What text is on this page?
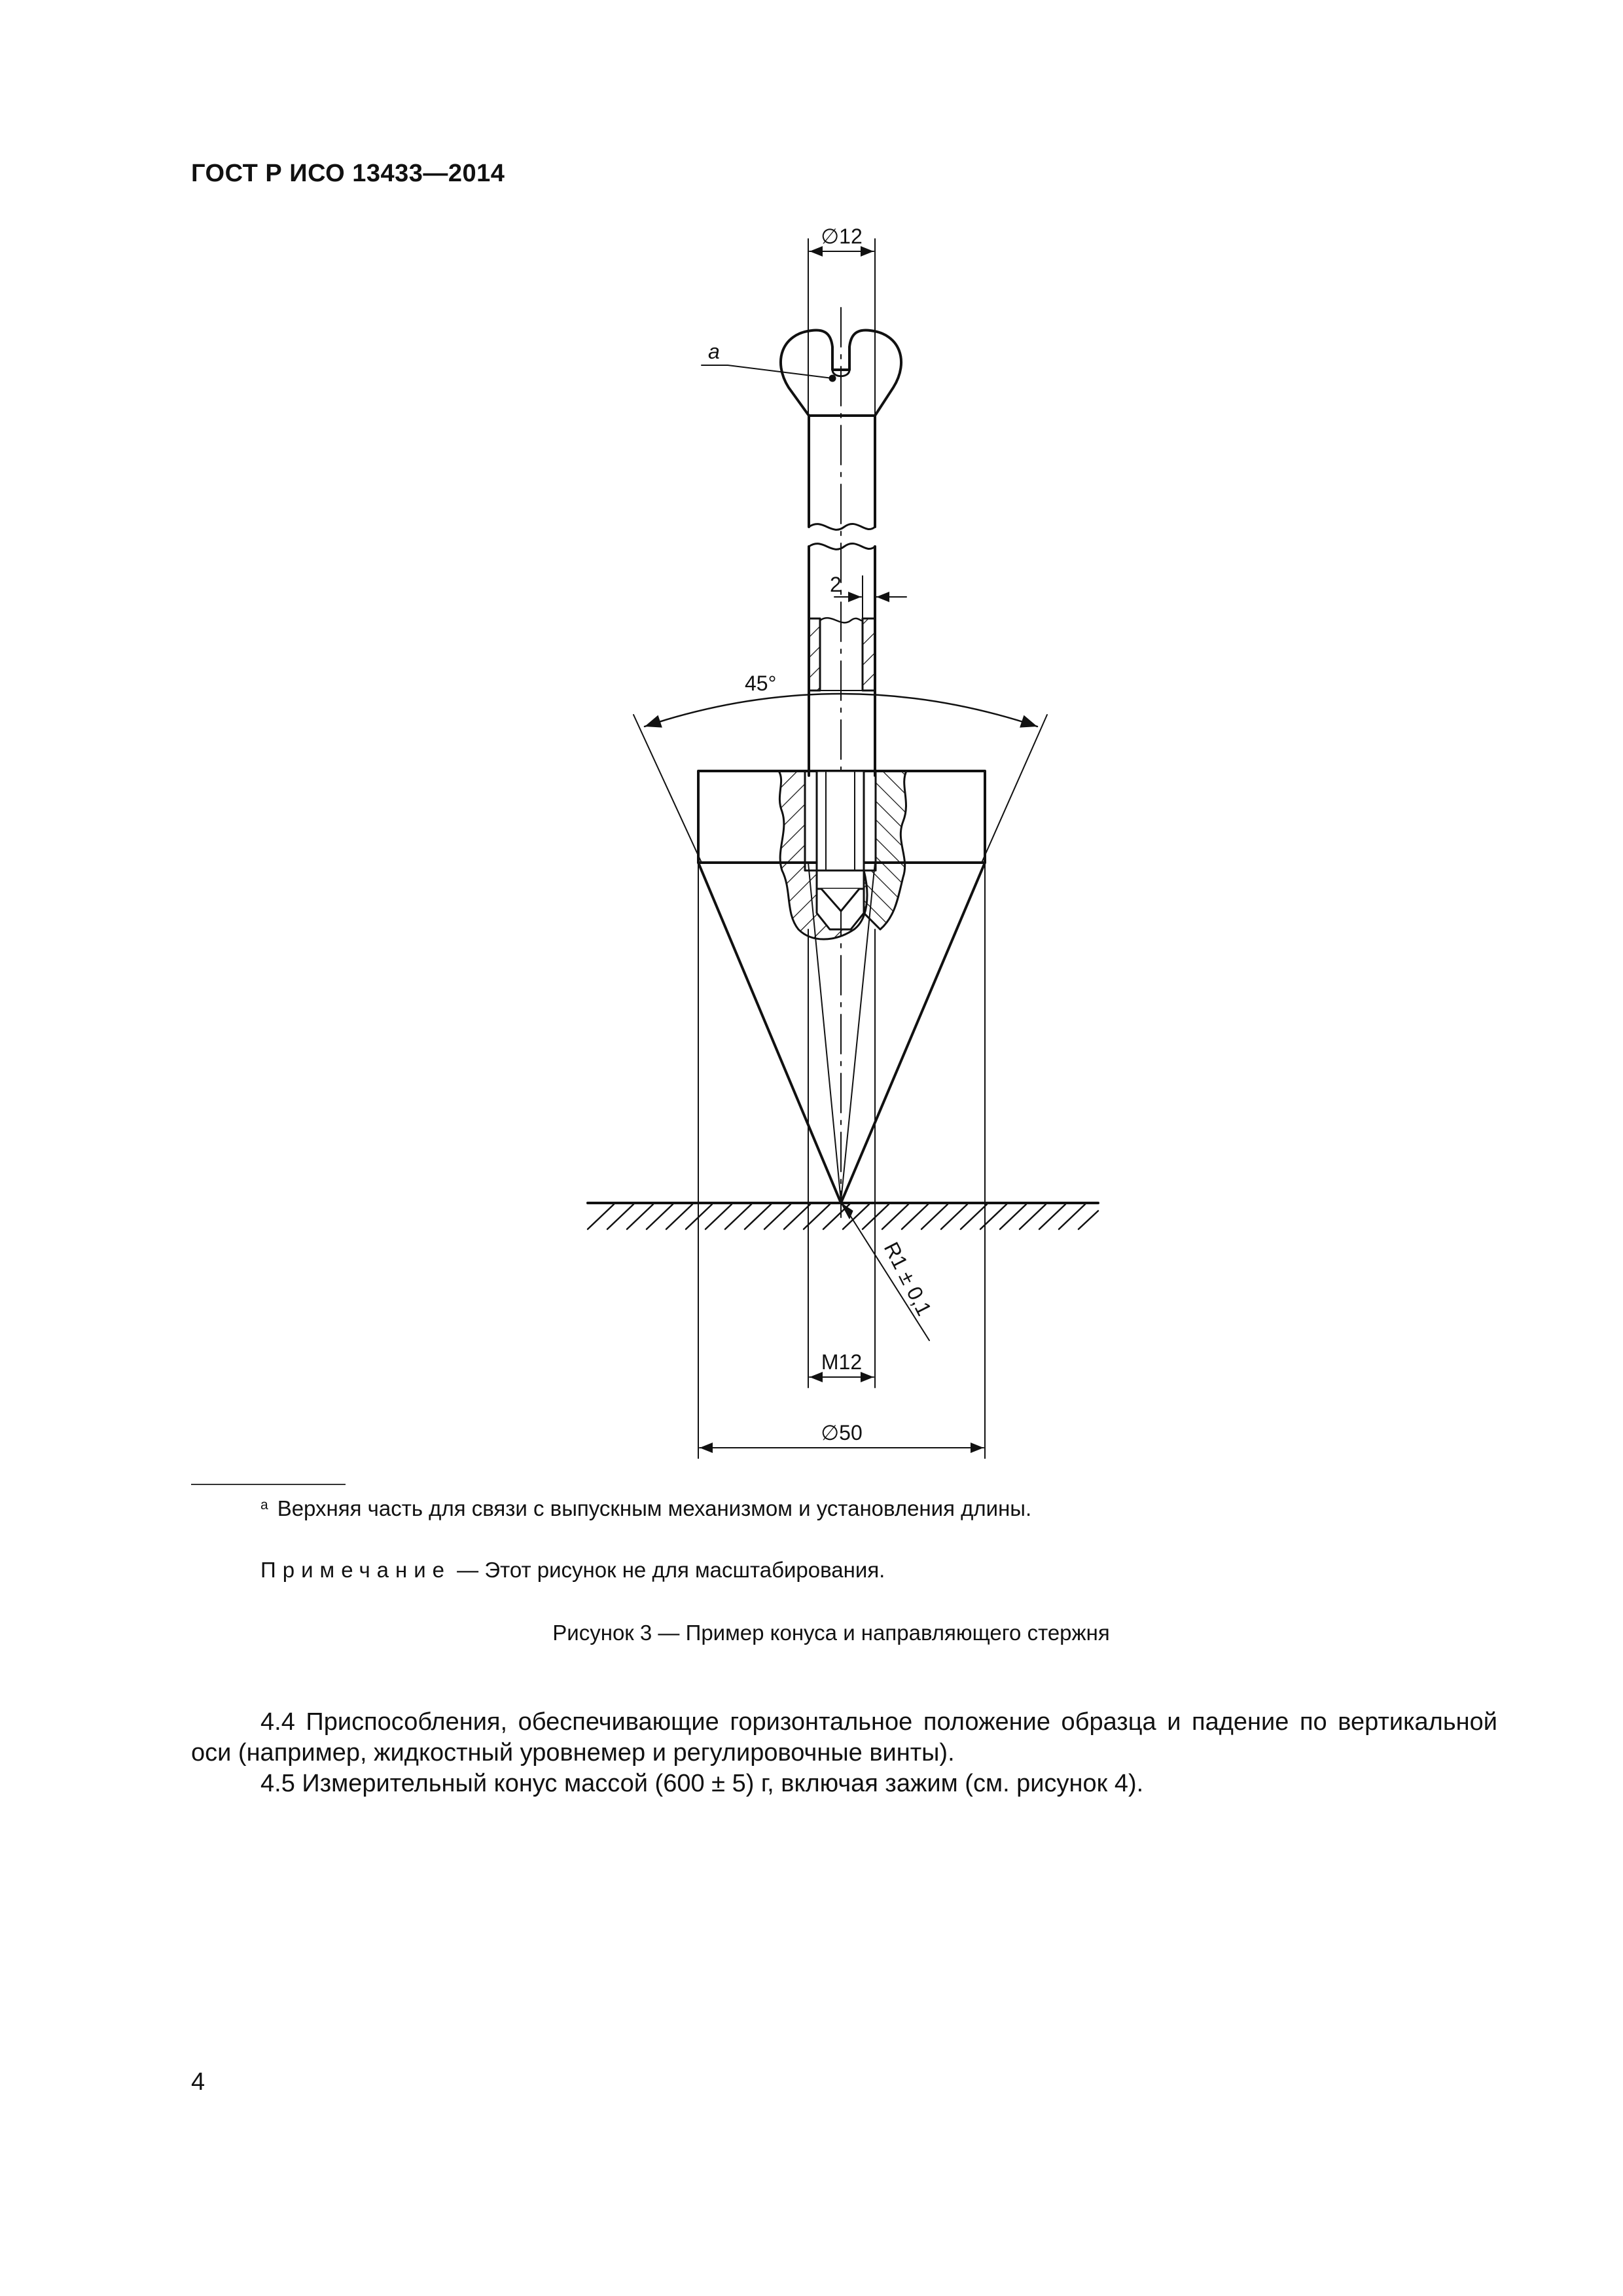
ГОСТ Р ИСО 13433—2014
∅12
a
2
45°
R1 ± 0,1
M12
∅50
$^a$ Верхняя часть для связи с выпускным механизмом и установления длины.
Примечание — Этот рисунок не для масштабирования.
Рисунок 3 — Пример конуса и направляющего стержня

4.4 Приспособления, обеспечивающие горизонтальное положение образца и падение по вертикальной оси (например, жидкостный уровнемер и регулировочные винты).

4.5 Измерительный конус массой (600 ± 5) г, включая зажим (см. рисунок 4).

4
